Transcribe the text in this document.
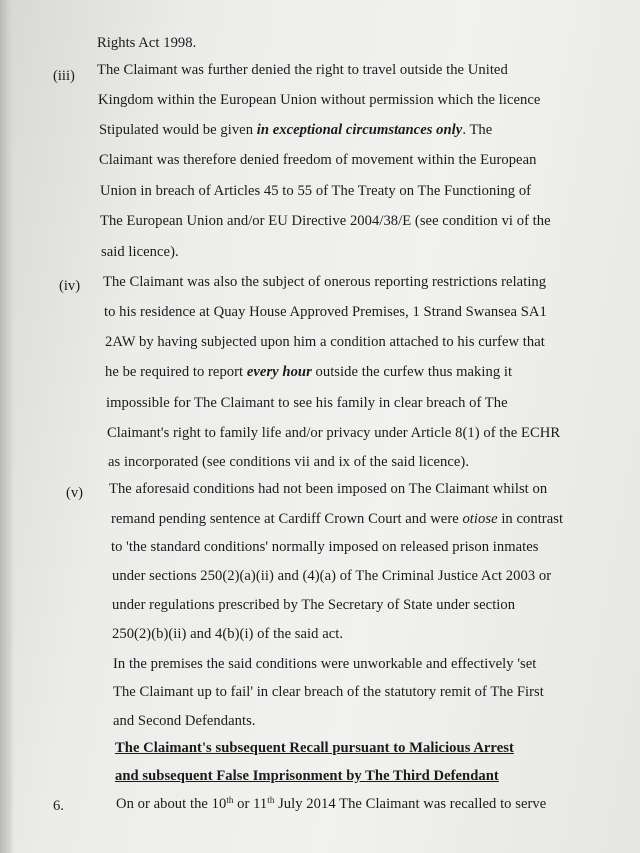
Rights Act 1998.
(iii) The Claimant was further denied the right to travel outside the United
Kingdom within the European Union without permission which the licence
Stipulated would be given in exceptional circumstances only. The
Claimant was therefore denied freedom of movement within the European
Union in breach of Articles 45 to 55 of The Treaty on The Functioning of
The European Union and/or EU Directive 2004/38/E (see condition vi of the
said licence).
(iv) The Claimant was also the subject of onerous reporting restrictions relating
to his residence at Quay House Approved Premises, 1 Strand Swansea SA1
2AW by having subjected upon him a condition attached to his curfew that
he be required to report every hour outside the curfew thus making it
impossible for The Claimant to see his family in clear breach of The
Claimant's right to family life and/or privacy under Article 8(1) of the ECHR
as incorporated (see conditions vii and ix of the said licence).
(v) The aforesaid conditions had not been imposed on The Claimant whilst on
remand pending sentence at Cardiff Crown Court and were otiose in contrast
to 'the standard conditions' normally imposed on released prison inmates
under sections 250(2)(a)(ii) and (4)(a) of The Criminal Justice Act 2003 or
under regulations prescribed by The Secretary of State under section
250(2)(b)(ii) and 4(b)(i) of the said act.
In the premises the said conditions were unworkable and effectively 'set
The Claimant up to fail' in clear breach of the statutory remit of The First
and Second Defendants.
The Claimant's subsequent Recall pursuant to Malicious Arrest
and subsequent False Imprisonment by The Third Defendant
6.	On or about the 10th or 11th July 2014 The Claimant was recalled to serve
